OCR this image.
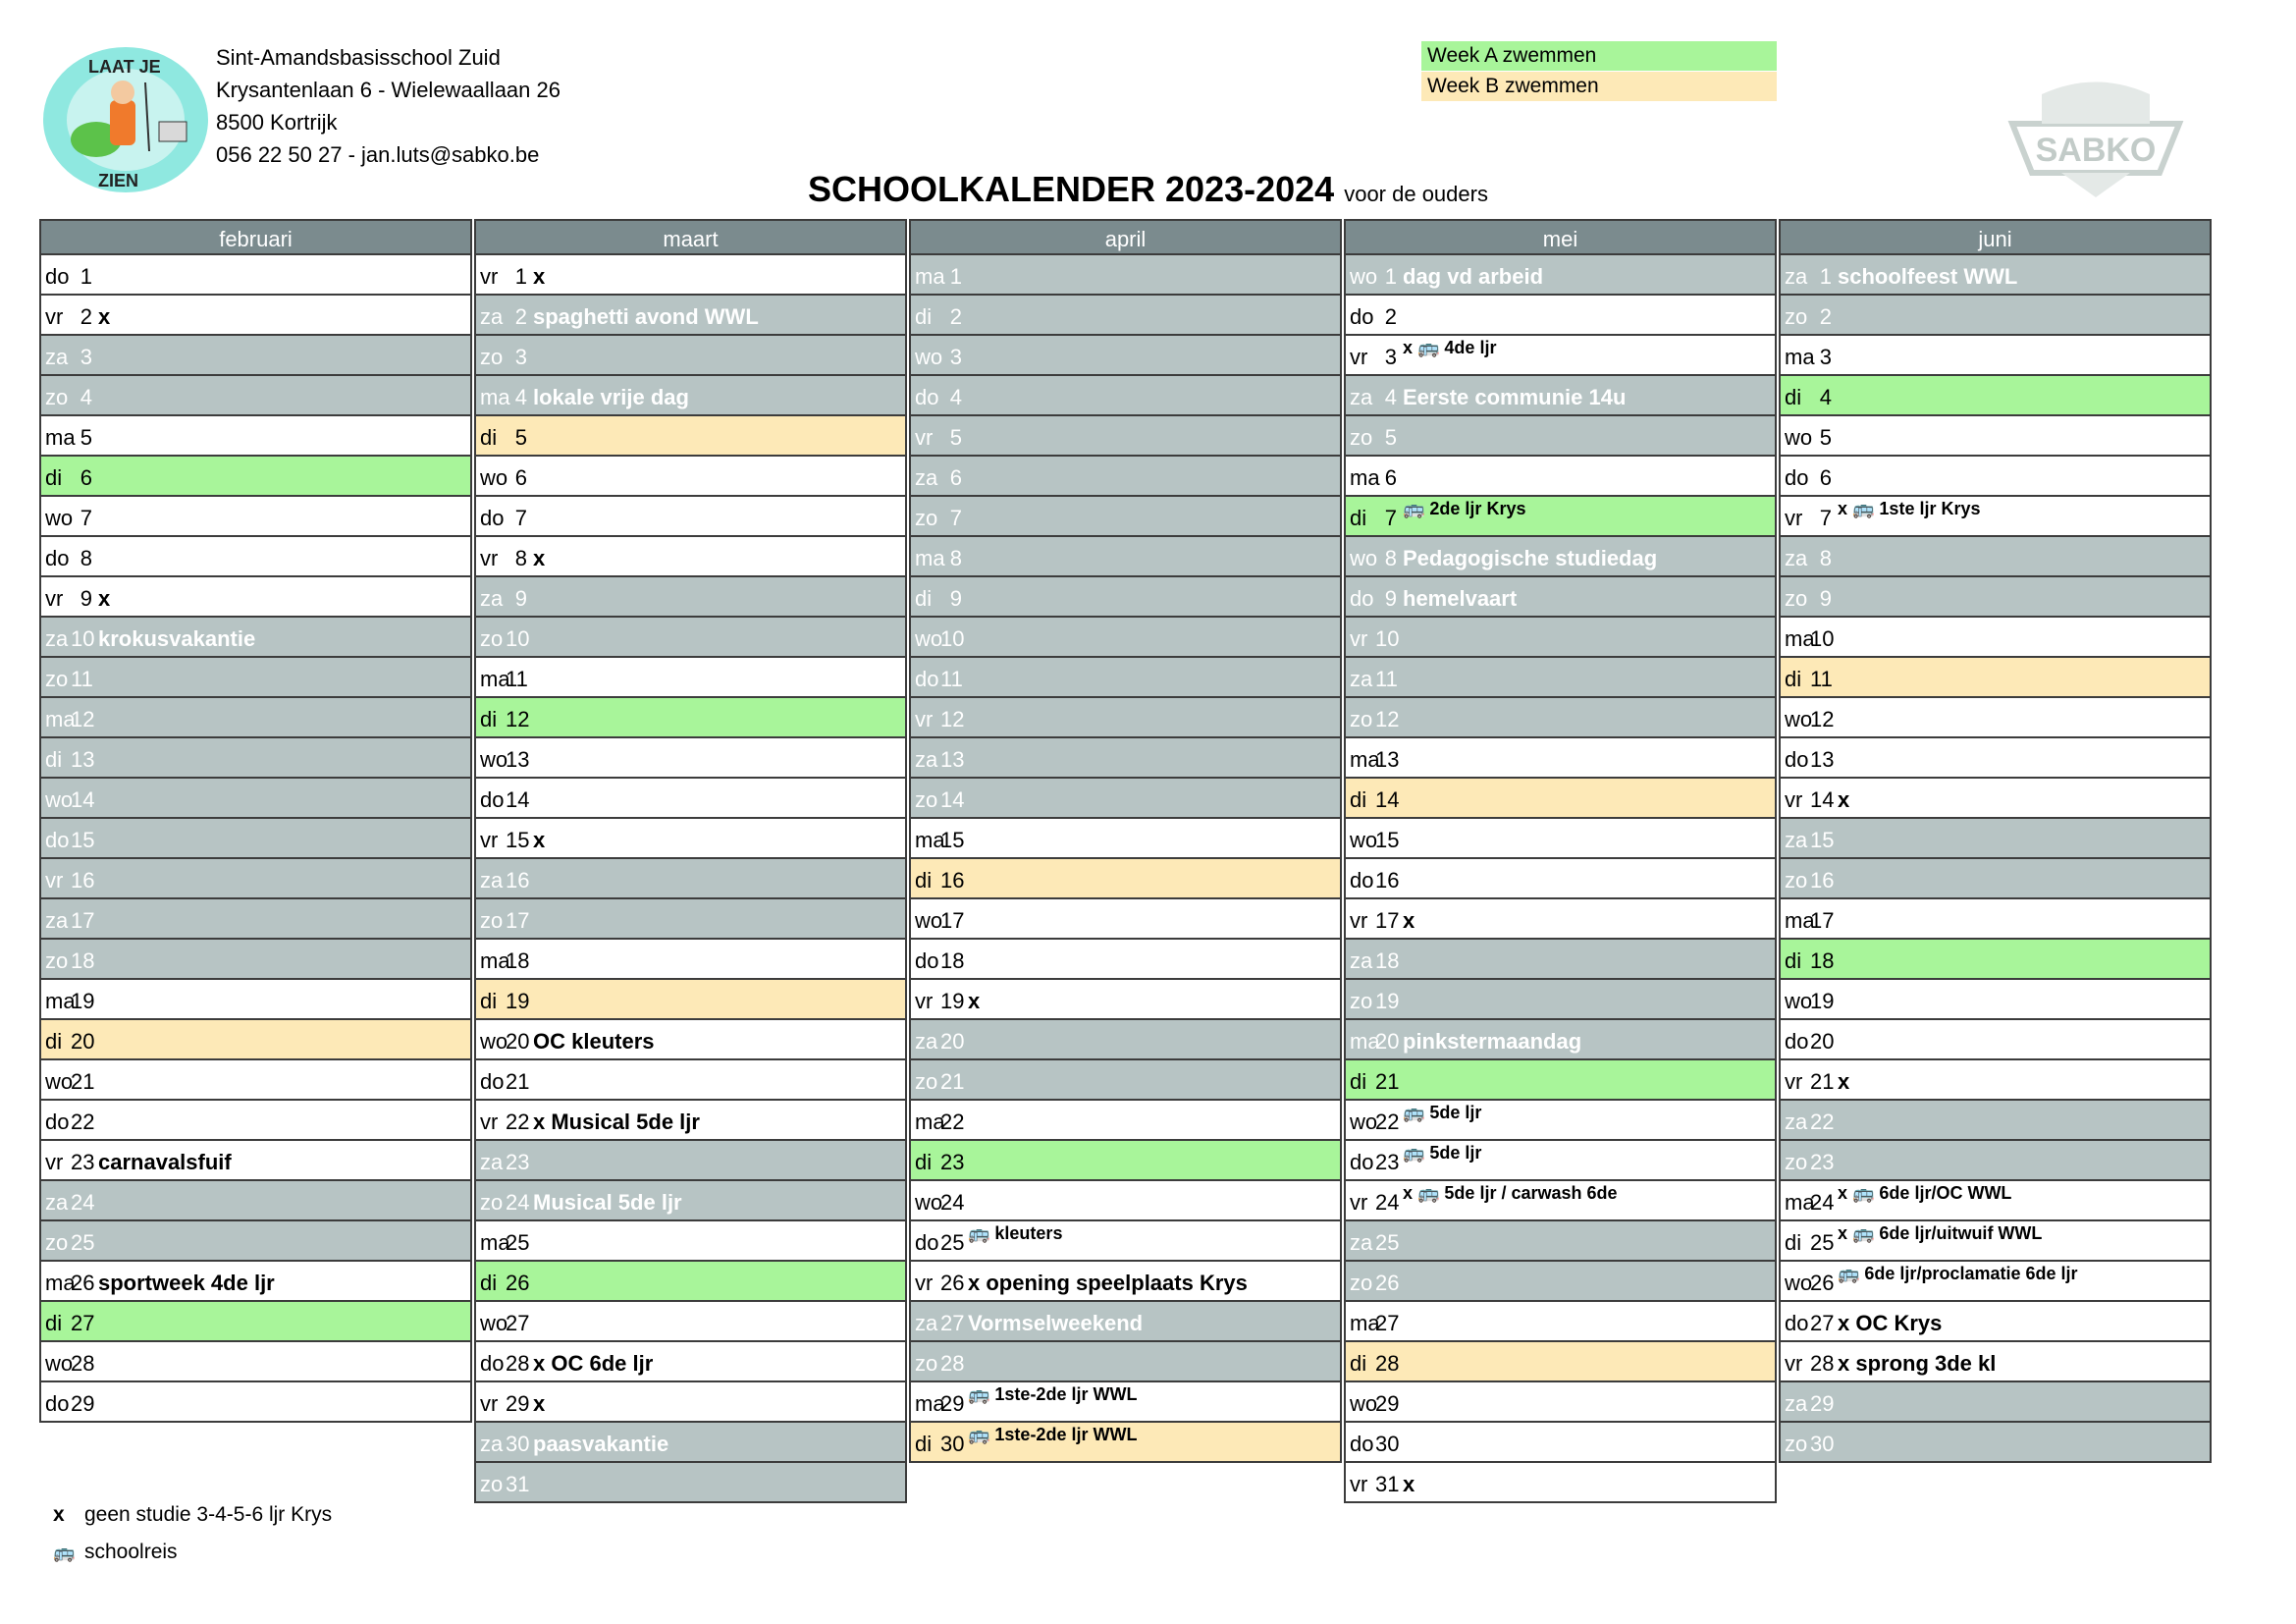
LAAT JE
ZIEN
Sint-Amandsbasisschool Zuid
Krysantenlaan 6 - Wielewaallaan 26
8500 Kortrijk
056 22 50 27 - jan.luts@sabko.be
Week A zwemmen
Week B zwemmen
SABKO
SCHOOLKALENDER 2023-2024 voor de ouders
februari
do 1
vr 2 x
za 3
zo 4
ma 5
di 6
wo 7
do 8
vr 9 x
za 10 krokusvakantie
zo 11
ma
12
di 13
wo
14
do 15
vr 16
za 17
zo 18
ma
19
di 20
wo
21
do 22
vr 23 carnavalsfuif
za 24
zo 25
ma
26 sportweek 4de ljr
di 27
wo
28
do 29
maart
vr 1 x
za 2 spaghetti avond WWL
zo 3
ma 4 lokale vrije dag
di 5
wo 6
do 7
vr 8 x
za 9
zo 10
ma
11
di 12
wo
13
do 14
vr 15 x
za 16
zo 17
ma
18
di 19
wo
20 OC kleuters
do 21
vr 22 x Musical 5de ljr
za 23
zo 24 Musical 5de ljr
ma
25
di 26
wo
27
do 28 x OC 6de ljr
vr 29 x
za 30 paasvakantie
zo 31
april
ma 1
di 2
wo 3
do 4
vr 5
za 6
zo 7
ma 8
di 9
wo
10
do 11
vr 12
za 13
zo 14
ma
15
di 16
wo
17
do 18
vr 19 x
za 20
zo 21
ma
22
di 23
wo
24
do 25 🚌 kleuters
vr 26 x opening speelplaats Krys
za 27 Vormselweekend
zo 28
ma
29 🚌 1ste-2de ljr WWL
di 30 🚌 1ste-2de ljr WWL
mei
wo 1 dag vd arbeid
do 2
vr 3 x 🚌 4de ljr
za 4 Eerste communie 14u
zo 5
ma 6
di 7 🚌 2de ljr Krys
wo 8 Pedagogische studiedag
do 9 hemelvaart
vr 10
za 11
zo 12
ma
13
di 14
wo
15
do 16
vr 17 x
za 18
zo 19
ma
20 pinkstermaandag
di 21
wo
22 🚌 5de ljr
do 23 🚌 5de ljr
vr 24 x 🚌 5de ljr / carwash 6de
za 25
zo 26
ma
27
di 28
wo
29
do 30
vr 31 x
juni
za 1 schoolfeest WWL
zo 2
ma 3
di 4
wo 5
do 6
vr 7 x 🚌 1ste ljr Krys
za 8
zo 9
ma
10
di 11
wo
12
do 13
vr 14 x
za 15
zo 16
ma
17
di 18
wo
19
do 20
vr 21 x
za 22
zo 23
ma
24 x 🚌 6de ljr/OC WWL
di 25 x 🚌 6de ljr/uitwuif WWL
wo
26 🚌 6de ljr/proclamatie 6de ljr
do 27 x OC Krys
vr 28 x sprong 3de kl
za 29
zo 30
x geen studie 3-4-5-6 ljr Krys
🚌 schoolreis
